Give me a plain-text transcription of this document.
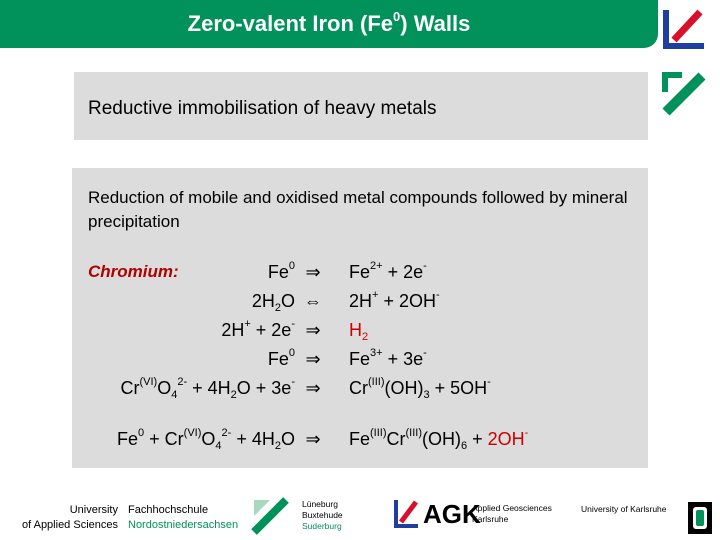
Zero-valent Iron (Fe$^0$) Walls
Reductive immobilisation of heavy metals
Reduction of mobile and oxidised metal compounds followed by mineral precipitation
Chromium:	Fe$^0$ ⇒ $Fe^{2+} + 2e^-$
$2H_2O$ ⇔ 2H+ + 2OH-
2H+ + 2e- ⇒ $H_2$
Fe$^0$ ⇒ $Fe^{3+} + 3e^-$
$Cr^{(VI)}O_4^{2-} + 4H_2O + 3e^-$ ⇒ $Cr^{(III)}(OH)_3 + 5OH^-$
$Fe^0 + Cr^{(VI)}O_4^{2-} + 4H_2O$ ⇒ $Fe^{(III)}Cr^{(III)}(OH)_6 + 2OH^-$
University
of Applied Sciences
Fachhochschule
Nordostniedersachsen
Lüneburg
Buxtehude
Suderburg	AGK
Applied Geosciences
Karlsruhe
University of Karlsruhe
